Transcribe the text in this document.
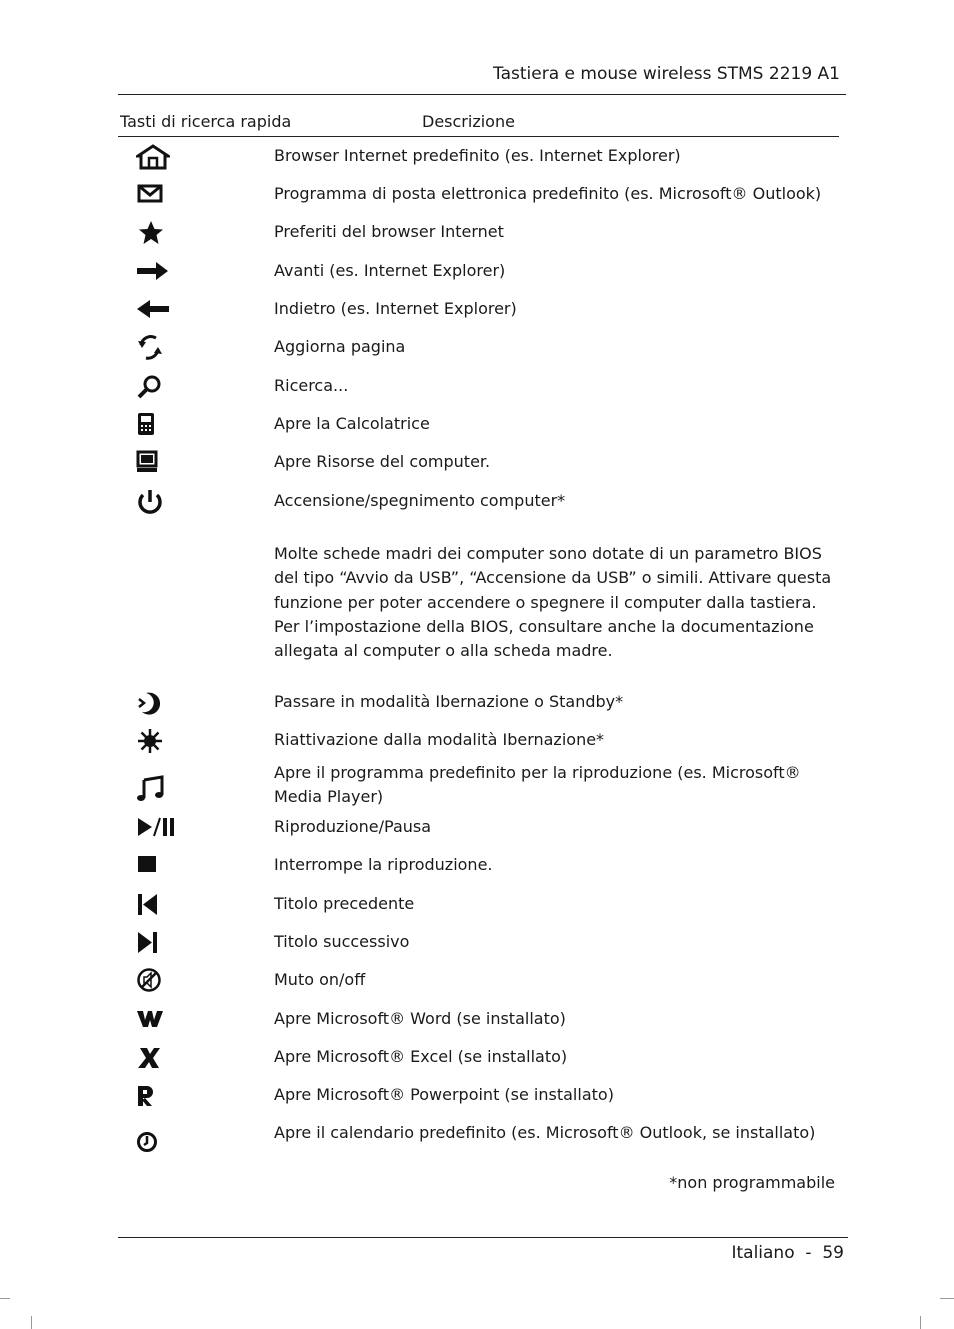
Tastiera e mouse wireless STMS 2219 A1
Tasti di ricerca rapida	Descrizione
Browser Internet predefinito (es. Internet Explorer)
Programma di posta elettronica predefinito (es. Microsoft® Outlook)
Preferiti del browser Internet
Avanti (es. Internet Explorer)
Indietro (es. Internet Explorer)
Aggiorna pagina
Ricerca...
Apre la Calcolatrice
Apre Risorse del computer.
Accensione/spegnimento computer*
Molte schede madri dei computer sono dotate di un parametro BIOS del tipo “Avvio da USB”, “Accensione da USB” o simili. Attivare questa funzione per poter accendere o spegnere il computer dalla tastiera. Per l’impostazione della BIOS, consultare anche la documentazione allegata al computer o alla scheda madre.
Passare in modalità Ibernazione o Standby*
Riattivazione dalla modalità Ibernazione*
Apre il programma predefinito per la riproduzione (es. Microsoft® Media Player)
Riproduzione/Pausa
Interrompe la riproduzione.
Titolo precedente
Titolo successivo
Muto on/off
Apre Microsoft® Word (se installato)
Apre Microsoft® Excel (se installato)
Apre Microsoft® Powerpoint (se installato)
Apre il calendario predefinito (es. Microsoft® Outlook, se installato)
*non programmabile
Italiano  -  59
